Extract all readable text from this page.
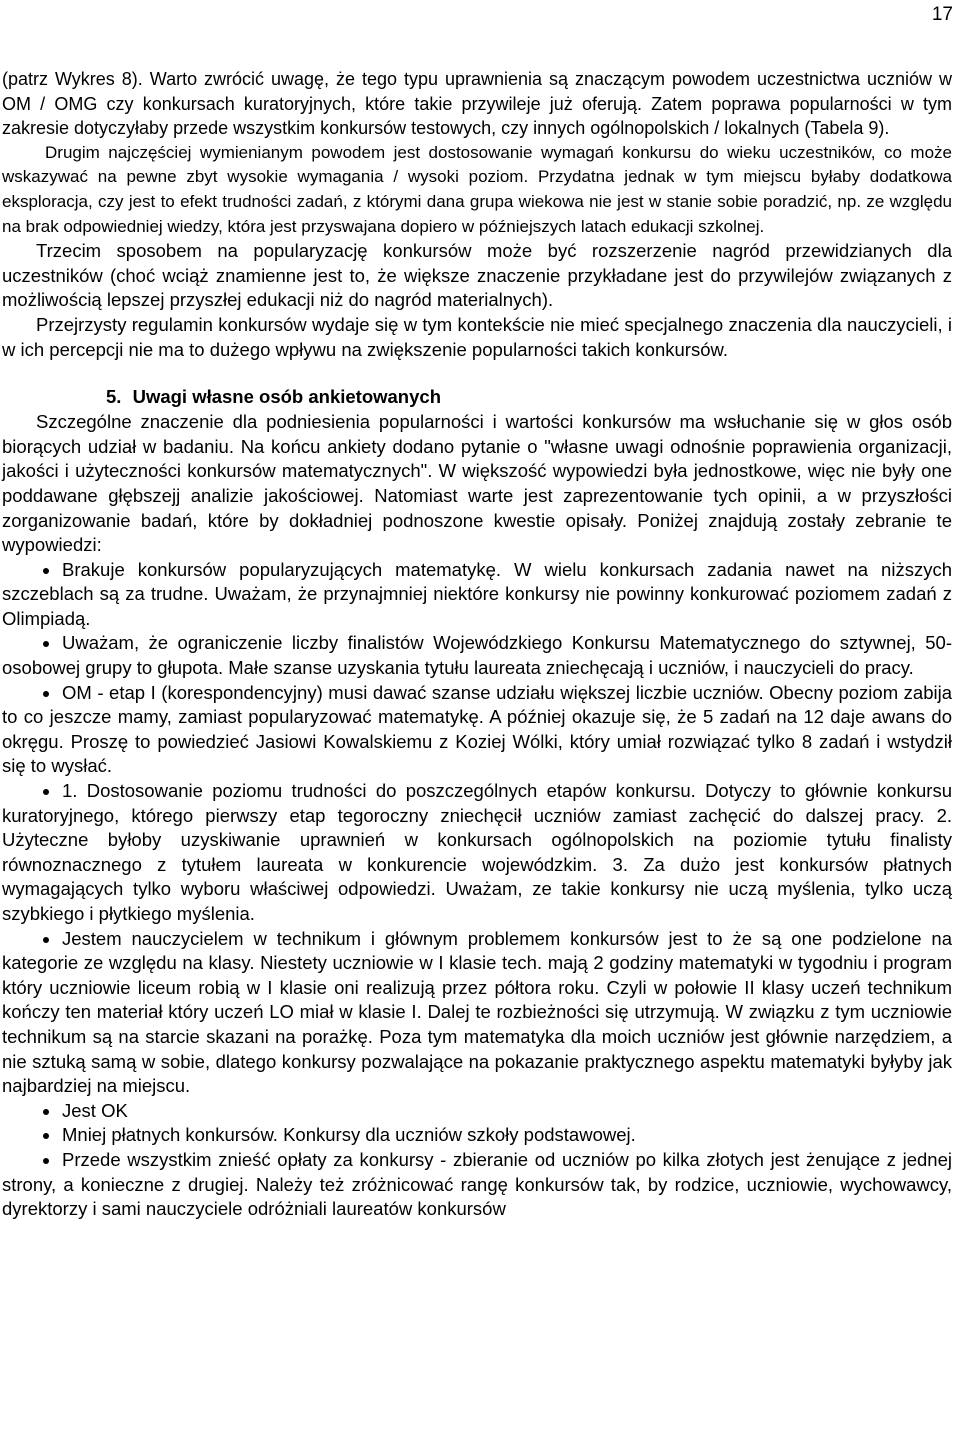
17

(patrz Wykres 8). Warto zwrócić uwagę, że tego typu uprawnienia są znaczącym powodem uczestnictwa uczniów w OM / OMG czy konkursach kuratoryjnych, które takie przywileje już oferują. Zatem poprawa popularności w tym zakresie dotyczyłaby przede wszystkim konkursów testowych, czy innych ogólnopolskich / lokalnych (Tabela 9).

Drugim najczęściej wymienianym powodem jest dostosowanie wymagań konkursu do wieku uczestników, co może wskazywać na pewne zbyt wysokie wymagania / wysoki poziom. Przydatna jednak w tym miejscu byłaby dodatkowa eksploracja, czy jest to efekt trudności zadań, z którymi dana grupa wiekowa nie jest w stanie sobie poradzić, np. ze względu na brak odpowiedniej wiedzy, która jest przyswajana dopiero w późniejszych latach edukacji szkolnej.

Trzecim sposobem na popularyzację konkursów może być rozszerzenie nagród przewidzianych dla uczestników (choć wciąż znamienne jest to, że większe znaczenie przykładane jest do przywilejów związanych z możliwością lepszej przyszłej edukacji niż do nagród materialnych).

Przejrzysty regulamin konkursów wydaje się w tym kontekście nie mieć specjalnego znaczenia dla nauczycieli, i w ich percepcji nie ma to dużego wpływu na zwiększenie popularności takich konkursów.

5. Uwagi własne osób ankietowanych

Szczególne znaczenie dla podniesienia popularności i wartości konkursów ma wsłuchanie się w głos osób biorących udział w badaniu. Na końcu ankiety dodano pytanie o "własne uwagi odnośnie poprawienia organizacji, jakości i użyteczności konkursów matematycznych". W większość wypowiedzi była jednostkowe, więc nie były one poddawane głębszejj analizie jakościowej. Natomiast warte jest zaprezentowanie tych opinii, a w przyszłości zorganizowanie badań, które by dokładniej podnoszone kwestie opisały. Poniżej znajdują zostały zebranie te wypowiedzi:

Brakuje konkursów popularyzujących matematykę. W wielu konkursach zadania nawet na niższych szczeblach są za trudne. Uważam, że przynajmniej niektóre konkursy nie powinny konkurować poziomem zadań z Olimpiadą.
Uważam, że ograniczenie liczby finalistów Wojewódzkiego Konkursu Matematycznego do sztywnej, 50-osobowej grupy to głupota. Małe szanse uzyskania tytułu laureata zniechęcają i uczniów, i nauczycieli do pracy.
OM - etap I (korespondencyjny) musi dawać szanse udziału większej liczbie uczniów. Obecny poziom zabija to co jeszcze mamy, zamiast popularyzować matematykę. A później okazuje się, że 5 zadań na 12 daje awans do okręgu. Proszę to powiedzieć Jasiowi Kowalskiemu z Koziej Wólki, który umiał rozwiązać tylko 8 zadań i wstydził się to wysłać.
1. Dostosowanie poziomu trudności do poszczególnych etapów konkursu. Dotyczy to głównie konkursu kuratoryjnego, którego pierwszy etap tegoroczny zniechęcił uczniów zamiast zachęcić do dalszej pracy. 2. Użyteczne byłoby uzyskiwanie uprawnień w konkursach ogólnopolskich na poziomie tytułu finalisty równoznacznego z tytułem laureata w konkurencie wojewódzkim. 3. Za dużo jest konkursów płatnych wymagających tylko wyboru właściwej odpowiedzi. Uważam, ze takie konkursy nie uczą myślenia, tylko uczą szybkiego i płytkiego myślenia.
Jestem nauczycielem w technikum i głównym problemem konkursów jest to że są one podzielone na kategorie ze względu na klasy. Niestety uczniowie w I klasie tech. mają 2 godziny matematyki w tygodniu i program który uczniowie liceum robią w I klasie oni realizują przez półtora roku. Czyli w połowie II klasy uczeń technikum kończy ten materiał który uczeń LO miał w klasie I. Dalej te rozbieżności się utrzymują. W związku z tym uczniowie technikum są na starcie skazani na porażkę. Poza tym matematyka dla moich uczniów jest głównie narzędziem, a nie sztuką samą w sobie, dlatego konkursy pozwalające na pokazanie praktycznego aspektu matematyki byłyby jak najbardziej na miejscu.
Jest OK
Mniej płatnych konkursów. Konkursy dla uczniów szkoły podstawowej.
Przede wszystkim znieść opłaty za konkursy - zbieranie od uczniów po kilka złotych jest żenujące z jednej strony, a konieczne z drugiej. Należy też zróżnicować rangę konkursów tak, by rodzice, uczniowie, wychowawcy, dyrektorzy i sami nauczyciele odróżniali laureatów konkursów
